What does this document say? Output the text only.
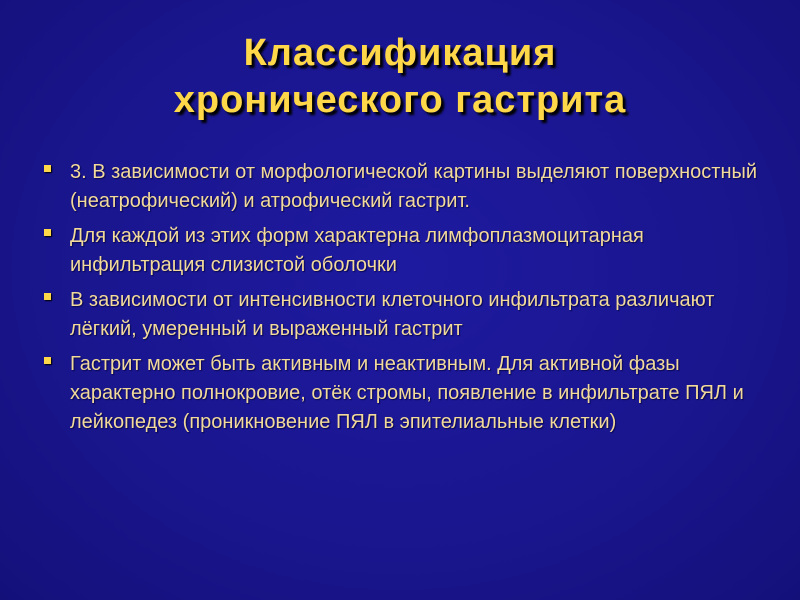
Классификация
хронического гастрита
3. В зависимости от морфологической картины выделяют поверхностный (неатрофический) и атрофический гастрит.
Для каждой из этих форм характерна лимфоплазмоцитарная инфильтрация слизистой оболочки
В зависимости от интенсивности клеточного инфильтрата различают лёгкий, умеренный и выраженный гастрит
Гастрит может быть активным и неактивным. Для активной фазы характерно полнокровие, отёк стромы, появление в инфильтрате ПЯЛ и лейкопедез (проникновение ПЯЛ в эпителиальные клетки)
